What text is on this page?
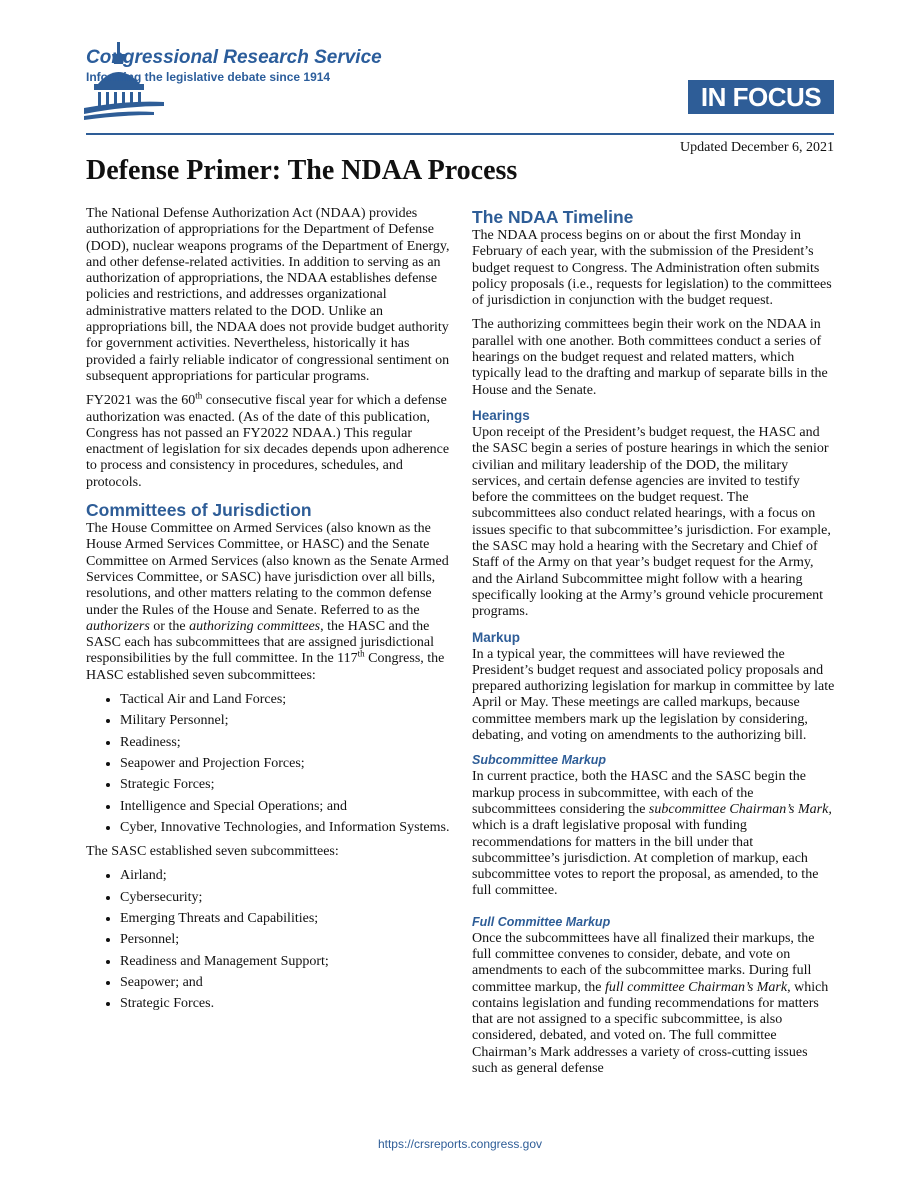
Congressional Research Service
Informing the legislative debate since 1914
IN FOCUS
Updated December 6, 2021
Defense Primer: The NDAA Process

The National Defense Authorization Act (NDAA) provides authorization of appropriations for the Department of Defense (DOD), nuclear weapons programs of the Department of Energy, and other defense-related activities. In addition to serving as an authorization of appropriations, the NDAA establishes defense policies and restrictions, and addresses organizational administrative matters related to the DOD. Unlike an appropriations bill, the NDAA does not provide budget authority for government activities. Nevertheless, historically it has provided a fairly reliable indicator of congressional sentiment on subsequent appropriations for particular programs.

FY2021 was the 60th consecutive fiscal year for which a defense authorization was enacted. (As of the date of this publication, Congress has not passed an FY2022 NDAA.) This regular enactment of legislation for six decades depends upon adherence to process and consistency in procedures, schedules, and protocols.

Committees of Jurisdiction

The House Committee on Armed Services (also known as the House Armed Services Committee, or HASC) and the Senate Committee on Armed Services (also known as the Senate Armed Services Committee, or SASC) have jurisdiction over all bills, resolutions, and other matters relating to the common defense under the Rules of the House and Senate. Referred to as the authorizers or the authorizing committees, the HASC and the SASC each has subcommittees that are assigned jurisdictional responsibilities by the full committee. In the 117th Congress, the HASC established seven subcommittees:

• Tactical Air and Land Forces;
• Military Personnel;
• Readiness;
• Seapower and Projection Forces;
• Strategic Forces;
• Intelligence and Special Operations; and
• Cyber, Innovative Technologies, and Information Systems.

The SASC established seven subcommittees:

• Airland;
• Cybersecurity;
• Emerging Threats and Capabilities;
• Personnel;
• Readiness and Management Support;
• Seapower; and
• Strategic Forces.
The NDAA Timeline

The NDAA process begins on or about the first Monday in February of each year, with the submission of the President’s budget request to Congress. The Administration often submits policy proposals (i.e., requests for legislation) to the committees of jurisdiction in conjunction with the budget request.

The authorizing committees begin their work on the NDAA in parallel with one another. Both committees conduct a series of hearings on the budget request and related matters, which typically lead to the drafting and markup of separate bills in the House and the Senate.

Hearings

Upon receipt of the President’s budget request, the HASC and the SASC begin a series of posture hearings in which the senior civilian and military leadership of the DOD, the military services, and certain defense agencies are invited to testify before the committees on the budget request. The subcommittees also conduct related hearings, with a focus on issues specific to that subcommittee’s jurisdiction. For example, the SASC may hold a hearing with the Secretary and Chief of Staff of the Army on that year’s budget request for the Army, and the Airland Subcommittee might follow with a hearing specifically looking at the Army’s ground vehicle procurement programs.

Markup

In a typical year, the committees will have reviewed the President’s budget request and associated policy proposals and prepared authorizing legislation for markup in committee by late April or May. These meetings are called markups, because committee members mark up the legislation by considering, debating, and voting on amendments to the authorizing bill.

Subcommittee Markup

In current practice, both the HASC and the SASC begin the markup process in subcommittee, with each of the subcommittees considering the subcommittee Chairman’s Mark, which is a draft legislative proposal with funding recommendations for matters in the bill under that subcommittee’s jurisdiction. At completion of markup, each subcommittee votes to report the proposal, as amended, to the full committee.

Full Committee Markup

Once the subcommittees have all finalized their markups, the full committee convenes to consider, debate, and vote on amendments to each of the subcommittee marks. During full committee markup, the full committee Chairman’s Mark, which contains legislation and funding recommendations for matters that are not assigned to a specific subcommittee, is also considered, debated, and voted on. The full committee Chairman’s Mark addresses a variety of cross-cutting issues such as general defense

https://crsreports.congress.gov
